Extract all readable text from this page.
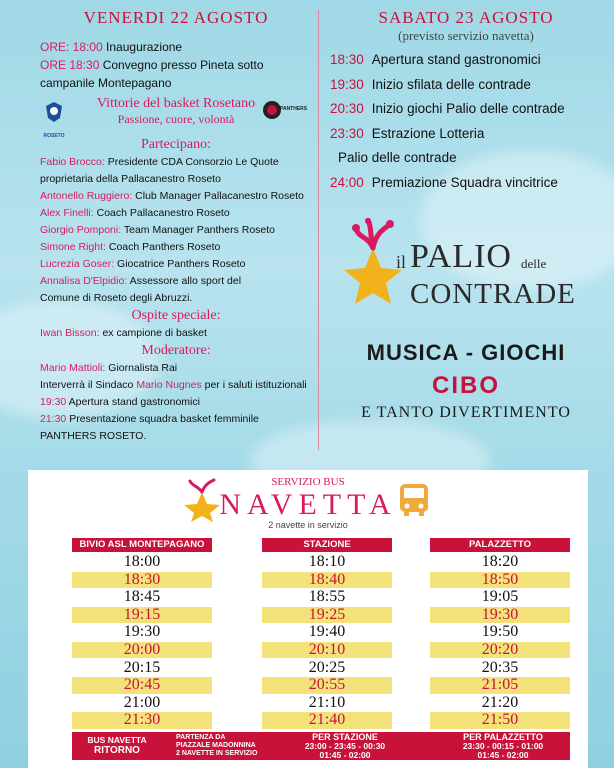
VENERDI 22 AGOSTO
ORE: 18:00 Inaugurazione
ORE 18:30 Convegno presso Pineta sotto campanile Montepagano
ROSETO
Vittorie del basket Rosetano
Passione, cuore, volontà
PANTHERS
Partecipano:
Fabio Brocco: Presidente CDA Consorzio Le Quote
proprietaria della Pallacanestro Roseto
Antonello Ruggiero: Club Manager Pallacanestro Roseto
Alex Finelli: Coach Pallacanestro Roseto
Giorgio Pomponi: Team Manager Panthers Roseto
Simone Right: Coach Panthers Roseto
Lucrezia Goser: Giocatrice Panthers Roseto
Annalisa D'Elpidio: Assessore allo sport del
Comune di Roseto degli Abruzzi.
Ospite speciale:
Iwan Bisson: ex campione di basket
Moderatore:
Mario Mattioli: Giornalista Rai
Interverrà il Sindaco Mario Nugnes per i saluti istituzionali
19:30 Apertura stand gastronomici
21:30 Presentazione squadra basket femminile
PANTHERS ROSETO.
SABATO 23 AGOSTO
(previsto servizio navetta)
18:30 Apertura stand gastronomici
19:30 Inizio sfilata delle contrade
20:30 Inizio giochi Palio delle contrade
23:30 Estrazione Lotteria
Palio delle contrade
24:00 Premiazione Squadra vincitrice
il PALIO delle
CONTRADE
MUSICA - GIOCHI
CIBO
E TANTO DIVERTIMENTO
SERVIZIO BUS
NAVETTA
2 navette in servizio
BIVIO ASL MONTEPAGANO	STAZIONE	PALAZZETTO
18:00	18:10	18:20
18:30	18:40	18:50
18:45	18:55	19:05
19:15	19:25	19:30
19:30	19:40	19:50
20:00	20:10	20:20
20:15	20:25	20:35
20:45	20:55	21:05
21:00	21:10	21:20
21:30	21:40	21:50
BUS NAVETTA
RITORNO
PARTENZA DA
PIAZZALE MADONNINA
2 NAVETTE IN SERVIZIO
PER STAZIONE
23:00 - 23:45 - 00:30
01:45 - 02:00
PER PALAZZETTO
23:30 - 00:15 - 01:00
01:45 - 02:00
